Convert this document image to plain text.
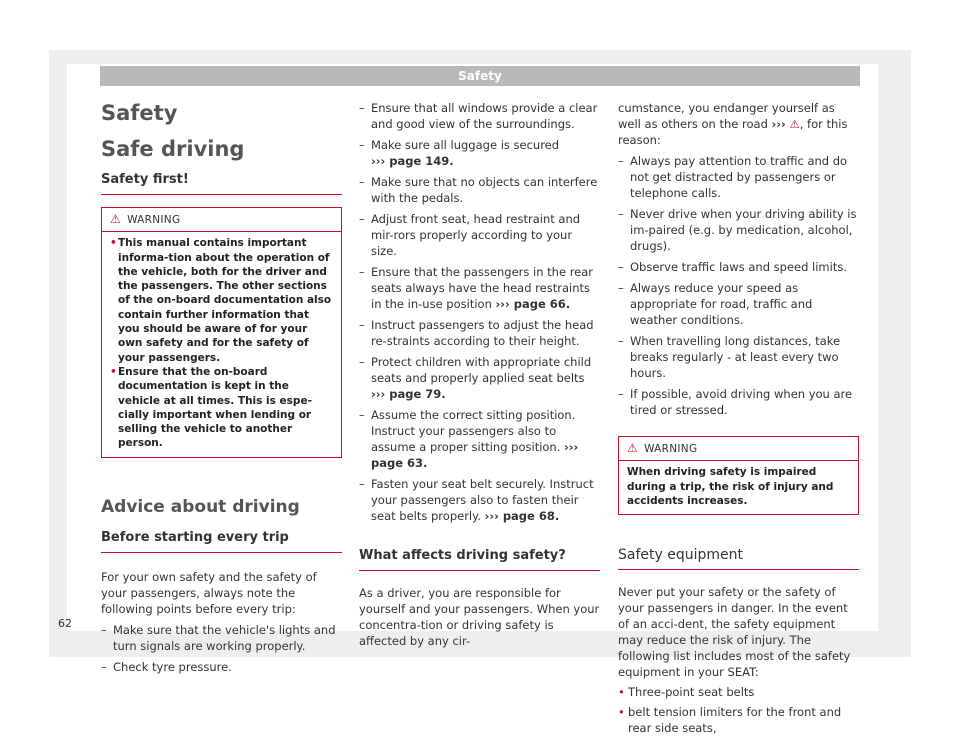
Safety
Safety
Safe driving
Safety first!
⚠ WARNING
• This manual contains important informa-tion about the operation of the vehicle, both for the driver and the passengers. The other sections of the on-board documentation also contain further information that you should be aware of for your own safety and for the safety of your passengers.
• Ensure that the on-board documentation is kept in the vehicle at all times. This is espe-cially important when lending or selling the vehicle to another person.
Advice about driving
Before starting every trip

For your own safety and the safety of your passengers, always note the following points before every trip:

– Make sure that the vehicle's lights and turn signals are working properly.
– Check tyre pressure.
– Ensure that all windows provide a clear and good view of the surroundings.
– Make sure all luggage is secured
››› page 149.
– Make sure that no objects can interfere with the pedals.
– Adjust front seat, head restraint and mir-rors properly according to your size.
– Ensure that the passengers in the rear seats always have the head restraints in the in-use position ››› page 66.
– Instruct passengers to adjust the head re-straints according to their height.
– Protect children with appropriate child seats and properly applied seat belts
››› page 79.
– Assume the correct sitting position. Instruct your passengers also to assume a proper sitting position. ››› page 63.
– Fasten your seat belt securely. Instruct your passengers also to fasten their seat belts properly. ››› page 68.
What affects driving safety?

As a driver, you are responsible for yourself and your passengers. When your concentra-tion or driving safety is affected by any cir-

cumstance, you endanger yourself as well as others on the road ››› ⚠, for this reason:

– Always pay attention to traffic and do not get distracted by passengers or telephone calls.
– Never drive when your driving ability is im-paired (e.g. by medication, alcohol, drugs).
– Observe traffic laws and speed limits.
– Always reduce your speed as appropriate for road, traffic and weather conditions.
– When travelling long distances, take breaks regularly - at least every two hours.
– If possible, avoid driving when you are tired or stressed.
⚠ WARNING
When driving safety is impaired during a trip, the risk of injury and accidents increases.
Safety equipment

Never put your safety or the safety of your passengers in danger. In the event of an acci-dent, the safety equipment may reduce the risk of injury. The following list includes most of the safety equipment in your SEAT:

• Three-point seat belts
• belt tension limiters for the front and rear side seats,
62
